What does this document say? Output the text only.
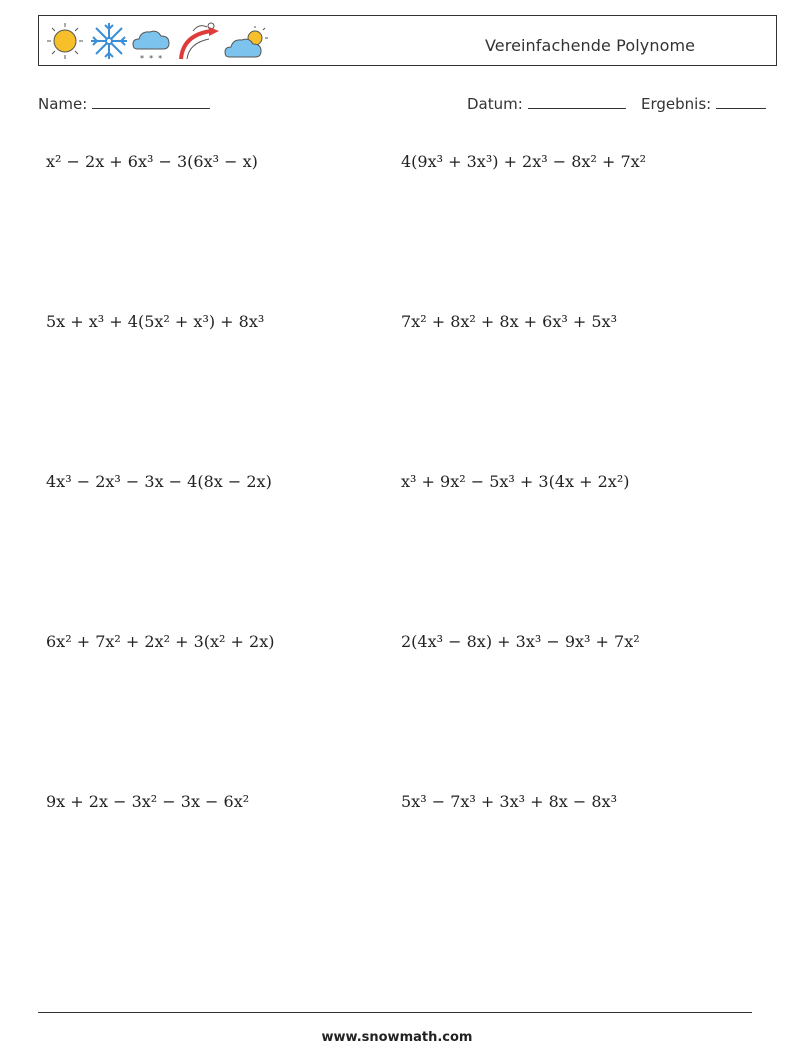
*  *  *
Vereinfachende Polynome
Name:	Datum:	Ergebnis:
x² − 2x + 6x³ − 3(6x³ − x)	4(9x³ + 3x³) + 2x³ − 8x² + 7x²
5x + x³ + 4(5x² + x³) + 8x³	7x² + 8x² + 8x + 6x³ + 5x³
4x³ − 2x³ − 3x − 4(8x − 2x)	x³ + 9x² − 5x³ + 3(4x + 2x²)
6x² + 7x² + 2x² + 3(x² + 2x)	2(4x³ − 8x) + 3x³ − 9x³ + 7x²
9x + 2x − 3x² − 3x − 6x²	5x³ − 7x³ + 3x³ + 8x − 8x³
www.snowmath.com
